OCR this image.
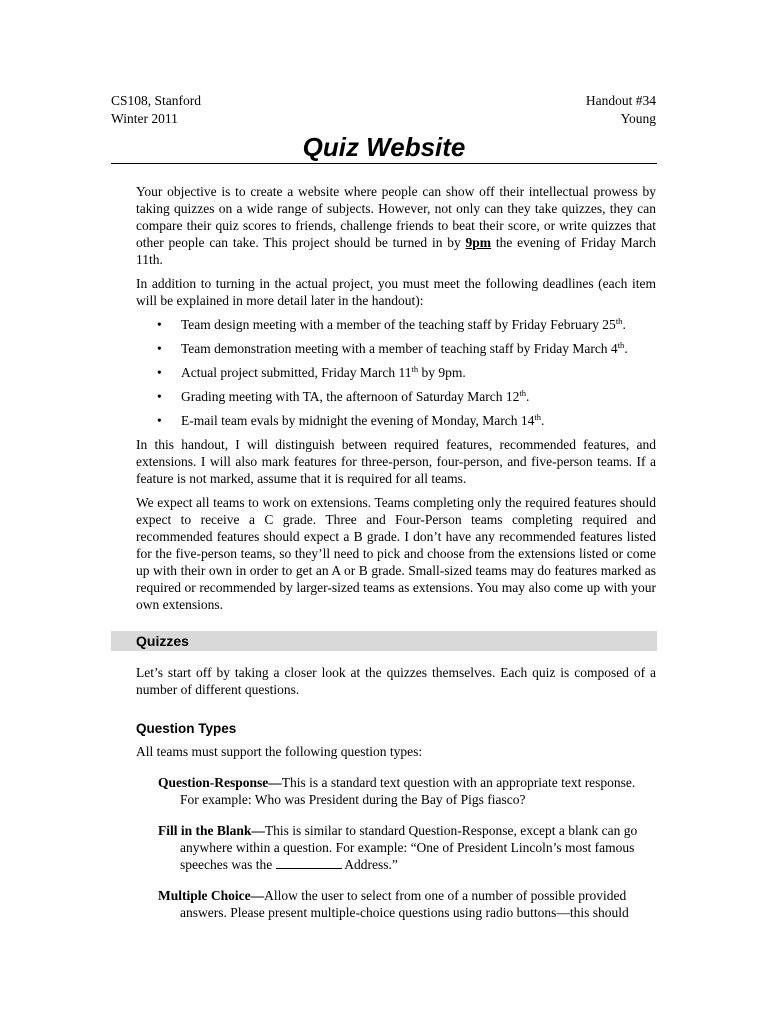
CS108, Stanford
Winter 2011
Handout #34
Young
Quiz Website

Your objective is to create a website where people can show off their intellectual prowess by taking quizzes on a wide range of subjects. However, not only can they take quizzes, they can compare their quiz scores to friends, challenge friends to beat their score, or write quizzes that other people can take. This project should be turned in by 9pm the evening of Friday March 11th.

In addition to turning in the actual project, you must meet the following deadlines (each item will be explained in more detail later in the handout):

• Team design meeting with a member of the teaching staff by Friday February 25th.
• Team demonstration meeting with a member of teaching staff by Friday March 4th.
• Actual project submitted, Friday March 11th by 9pm.
• Grading meeting with TA, the afternoon of Saturday March 12th.
• E-mail team evals by midnight the evening of Monday, March 14th.

In this handout, I will distinguish between required features, recommended features, and extensions. I will also mark features for three-person, four-person, and five-person teams. If a feature is not marked, assume that it is required for all teams.

We expect all teams to work on extensions. Teams completing only the required features should expect to receive a C grade. Three and Four-Person teams completing required and recommended features should expect a B grade. I don’t have any recommended features listed for the five-person teams, so they’ll need to pick and choose from the extensions listed or come up with their own in order to get an A or B grade. Small-sized teams may do features marked as required or recommended by larger-sized teams as extensions. You may also come up with your own extensions.

Quizzes

Let’s start off by taking a closer look at the quizzes themselves. Each quiz is composed of a number of different questions.

Question Types

All teams must support the following question types:

Question-Response—This is a standard text question with an appropriate text response.
For example: Who was President during the Bay of Pigs fiasco?
Fill in the Blank—This is similar to standard Question-Response, except a blank can go
anywhere within a question. For example: “One of President Lincoln’s most famous
speeches was the	Address.”
Multiple Choice—Allow the user to select from one of a number of possible provided
answers. Please present multiple-choice questions using radio buttons—this should
